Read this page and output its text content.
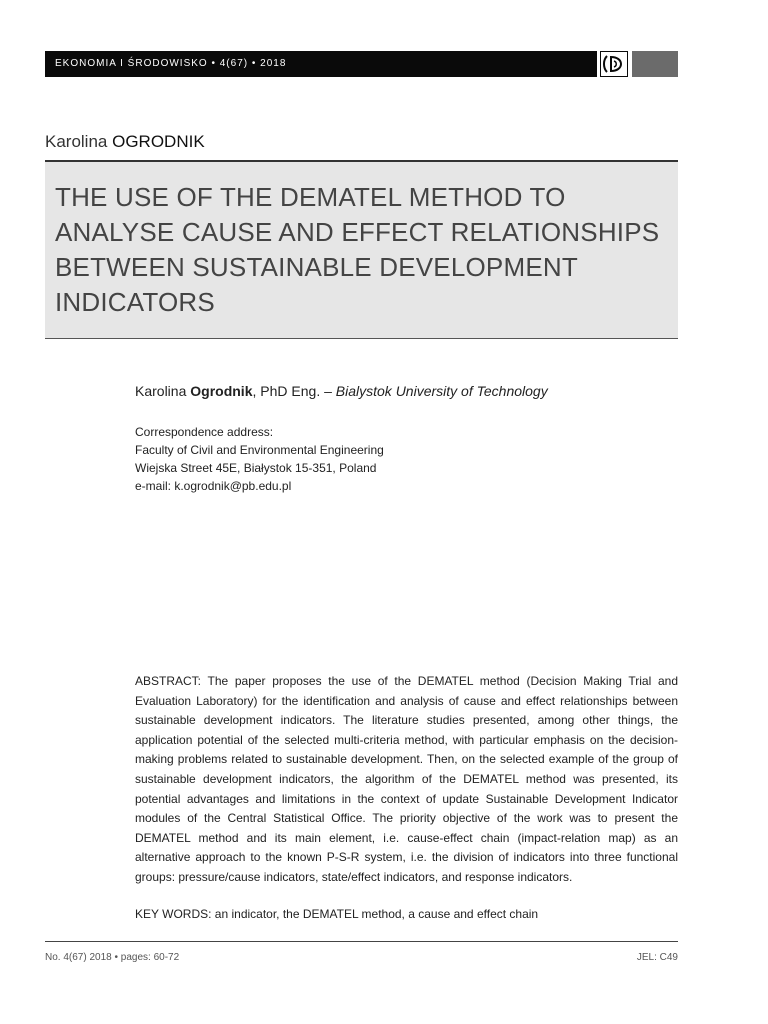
EKONOMIA I ŚRODOWISKO • 4(67) • 2018
Karolina OGRODNIK
THE USE OF THE DEMATEL METHOD TO ANALYSE CAUSE AND EFFECT RELATIONSHIPS BETWEEN SUSTAINABLE DEVELOPMENT INDICATORS
Karolina Ogrodnik, PhD Eng. – Bialystok University of Technology
Correspondence address:
Faculty of Civil and Environmental Engineering
Wiejska Street 45E, Białystok 15-351, Poland
e-mail: k.ogrodnik@pb.edu.pl

ABSTRACT: The paper proposes the use of the DEMATEL method (Decision Making Trial and Evaluation Laboratory) for the identification and analysis of cause and effect relationships between sustainable development indicators. The literature studies presented, among other things, the application potential of the selected multi-criteria method, with particular emphasis on the decision-making problems related to sustainable development. Then, on the selected example of the group of sustainable development indicators, the algorithm of the DEMATEL method was presented, its potential advantages and limitations in the context of update Sustainable Development Indicator modules of the Central Statistical Office. The priority objective of the work was to present the DEMATEL method and its main element, i.e. cause-effect chain (impact-relation map) as an alternative approach to the known P-S-R system, i.e. the division of indicators into three functional groups: pressure/cause indicators, state/effect indicators, and response indicators.

KEY WORDS: an indicator, the DEMATEL method, a cause and effect chain
No. 4(67) 2018 • pages: 60-72	JEL: C49
